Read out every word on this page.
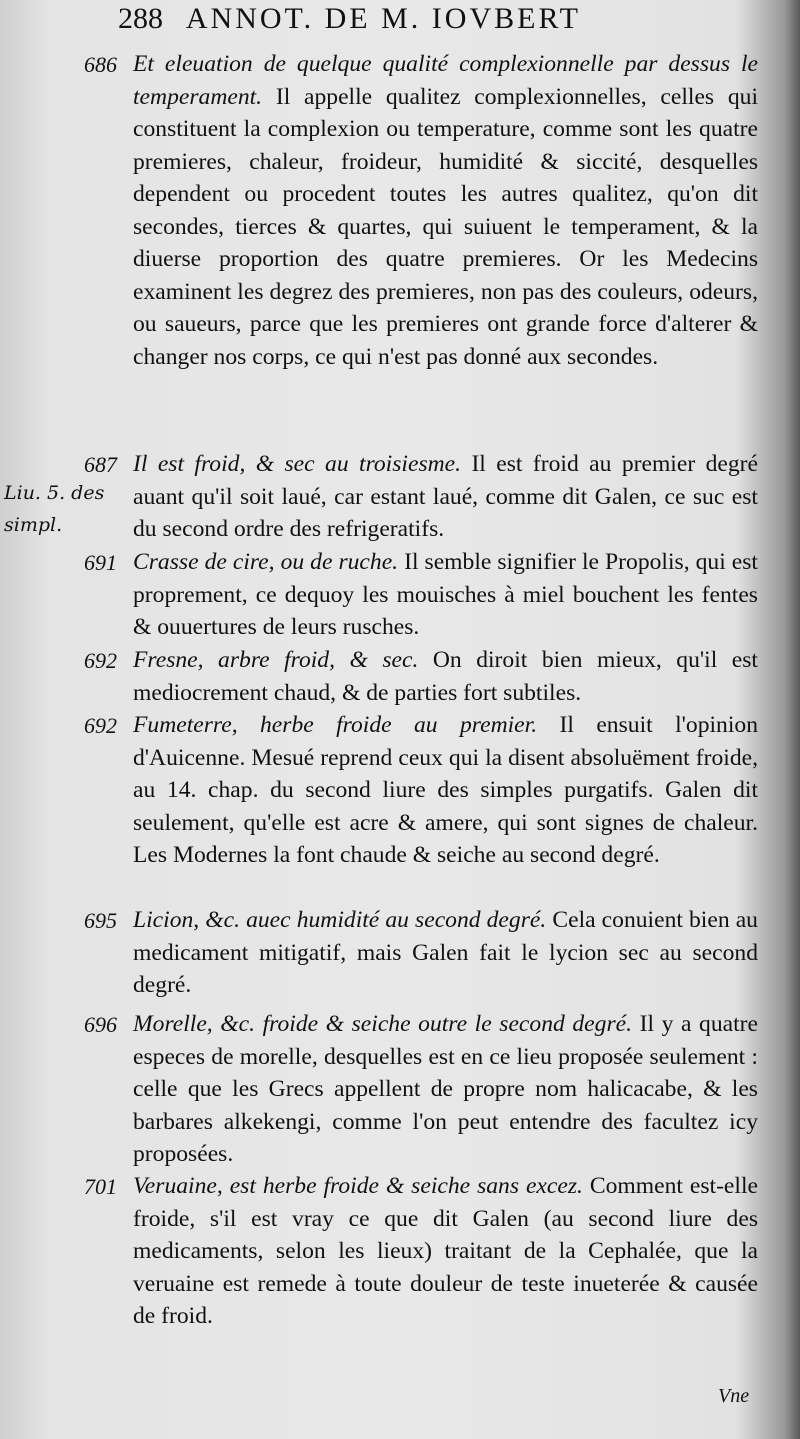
288 ANNOT. DE M. IOVBERT
Liu. 5. des
simpl.
686 Et eleuation de quelque qualité complexionnelle par dessus le temperament. Il appelle qualitez complexionnelles, celles qui constituent la complexion ou temperature, comme sont les quatre premieres, chaleur, froideur, humidité & siccité, desquelles dependent ou procedent toutes les autres qualitez, qu'on dit secondes, tierces & quartes, qui suiuent le temperament, & la diuerse proportion des quatre premieres. Or les Medecins examinent les degrez des premieres, non pas des couleurs, odeurs, ou saueurs, parce que les premieres ont grande force d'alterer & changer nos corps, ce qui n'est pas donné aux secondes.
687 Il est froid, & sec au troisiesme. Il est froid au premier degré auant qu'il soit laué, car estant laué, comme dit Galen, ce suc est du second ordre des refrigeratifs.
691 Crasse de cire, ou de ruche. Il semble signifier le Propolis, qui est proprement, ce dequoy les mouisches à miel bouchent les fentes & ouuertures de leurs rusches.
692 Fresne, arbre froid, & sec. On diroit bien mieux, qu'il est mediocrement chaud, & de parties fort subtiles.
692 Fumeterre, herbe froide au premier. Il ensuit l'opinion d'Auicenne. Mesué reprend ceux qui la disent absoluëment froide, au 14. chap. du second liure des simples purgatifs. Galen dit seulement, qu'elle est acre & amere, qui sont signes de chaleur. Les Modernes la font chaude & seiche au second degré.
695 Licion, &c. auec humidité au second degré. Cela conuient bien au medicament mitigatif, mais Galen fait le lycion sec au second degré.
696 Morelle, &c. froide & seiche outre le second degré. Il y a quatre especes de morelle, desquelles est en ce lieu proposée seulement : celle que les Grecs appellent de propre nom halicacabe, & les barbares alkekengi, comme l'on peut entendre des facultez icy proposées.
701 Veruaine, est herbe froide & seiche sans excez. Comment est-elle froide, s'il est vray ce que dit Galen (au second liure des medicaments, selon les lieux) traitant de la Cephalée, que la veruaine est remede à toute douleur de teste inueterée & causée de froid.
Vne
